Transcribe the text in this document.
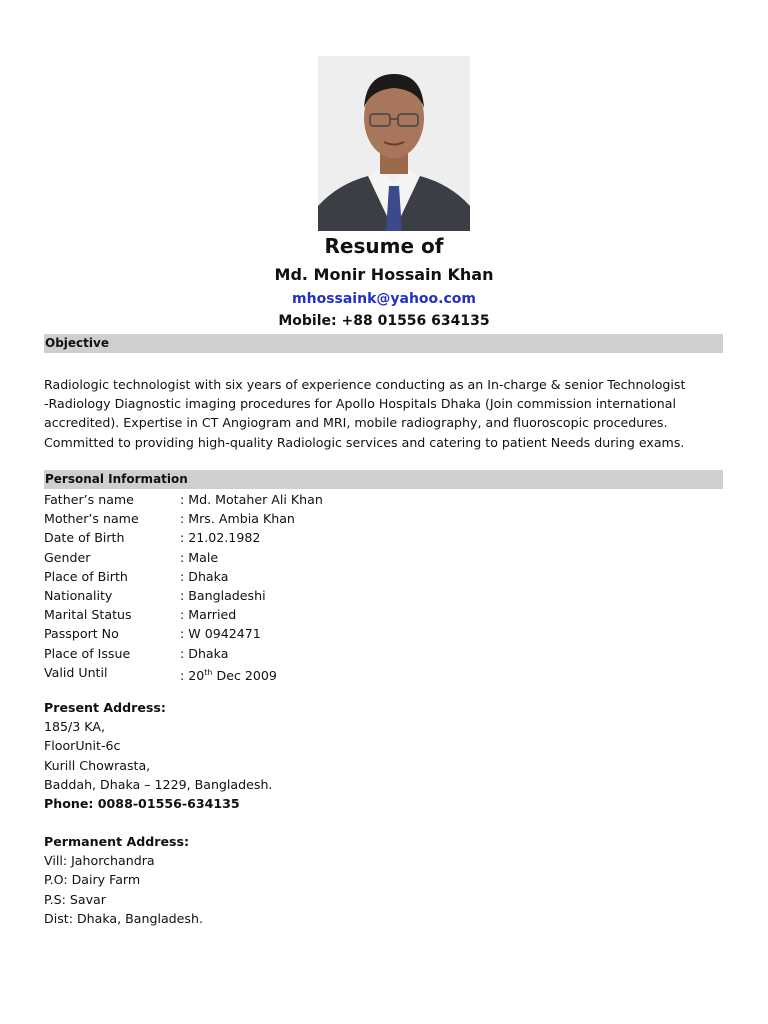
Resume of
Md. Monir Hossain Khan
mhossaink@yahoo.com
Mobile: +88 01556 634135
Objective
Radiologic technologist with six years of experience conducting as an In-charge & senior Technologist
-Radiology Diagnostic imaging procedures for Apollo Hospitals Dhaka (Join commission international
accredited). Expertise in CT Angiogram and MRI, mobile radiography, and fluoroscopic procedures.
Committed to providing high-quality Radiologic services and catering to patient Needs during exams.
Personal Information
Father’s name	: Md. Motaher Ali Khan
Mother’s name	: Mrs. Ambia Khan
Date of Birth	: 21.02.1982
Gender	: Male
Place of Birth	: Dhaka
Nationality	: Bangladeshi
Marital Status	: Married
Passport No	: W 0942471
Place of Issue	: Dhaka
Valid Until	: 20th Dec 2009
Present Address:
185/3 KA,
FloorUnit-6c
Kurill Chowrasta,
Baddah, Dhaka – 1229, Bangladesh.
Phone: 0088-01556-634135
Permanent Address:
Vill: Jahorchandra
P.O: Dairy Farm
P.S: Savar
Dist: Dhaka, Bangladesh.
